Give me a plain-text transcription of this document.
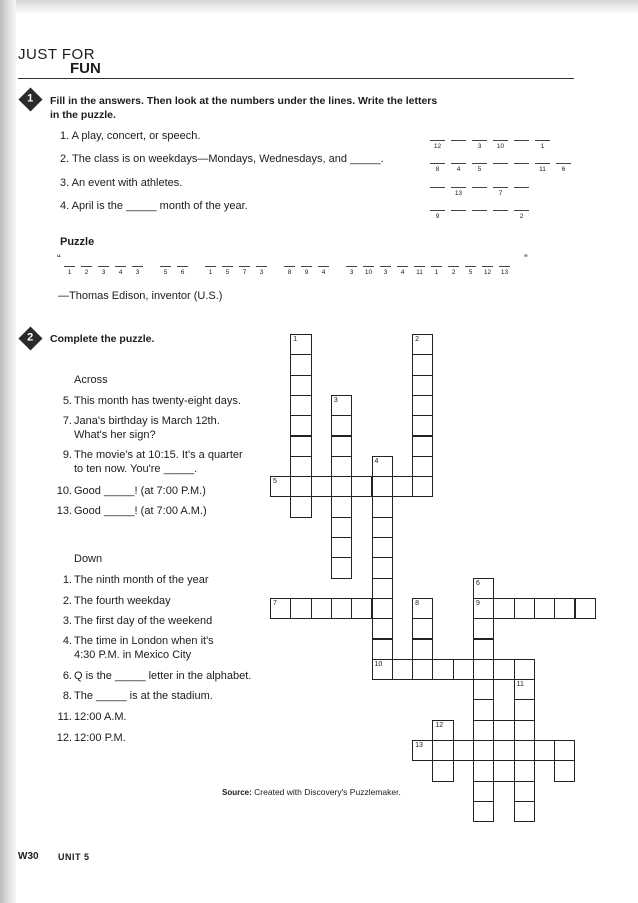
JUST FOR
FUN
1	Fill in the answers. Then look at the numbers under the lines. Write the letters
in the puzzle.
1. A play, concert, or speech.
2. The class is on weekdays—Mondays, Wednesdays, and _____.
3. An event with athletes.
4. April is the _____ month of the year.
12	3	10	1
8	4	5	11	6
13	7
9	2
Puzzle
“	”
1	2	3	4	3	5	6	1	5	7	3	8	9	4	3	10	3	4	11	1	2	5	12 13
—Thomas Edison, inventor (U.S.)
2	Complete the puzzle.
Across
5. This month has twenty-eight days.
7. Jana's birthday is March 12th.
What's her sign?
9. The movie's at 10:15. It's a quarter
to ten now. You're _____.
10. Good _____! (at 7:00 P.M.)
13. Good _____! (at 7:00 A.M.)
Down
1. The ninth month of the year
2. The fourth weekday
3. The first day of the weekend
4. The time in London when it's
4:30 P.M. in Mexico City
6. Q is the _____ letter in the alphabet.
8. The _____ is at the stadium.
11. 12:00 A.M.
12. 12:00 P.M.
1	2
3
4
10
5
7
6
9
8
11
12
13
Source: Created with Discovery's Puzzlemaker.
W30 UNIT 5
